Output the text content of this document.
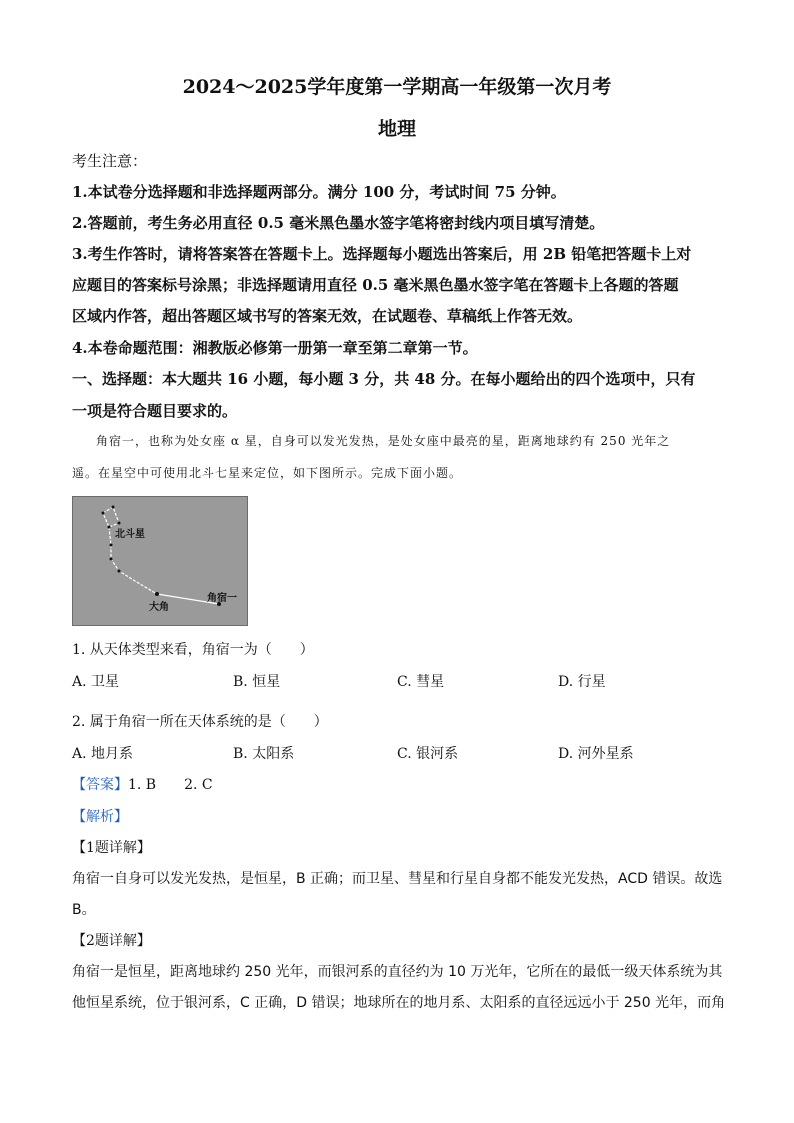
2024～2025学年度第一学期高一年级第一次月考
地理
考生注意：
1.本试卷分选择题和非选择题两部分。满分 100 分，考试时间 75 分钟。
2.答题前，考生务必用直径 0.5 毫米黑色墨水签字笔将密封线内项目填写清楚。
3.考生作答时，请将答案答在答题卡上。选择题每小题选出答案后，用 2B 铅笔把答题卡上对
应题目的答案标号涂黑；非选择题请用直径 0.5 毫米黑色墨水签字笔在答题卡上各题的答题
区域内作答，超出答题区域书写的答案无效，在试题卷、草稿纸上作答无效。
4.本卷命题范围：湘教版必修第一册第一章至第二章第一节。
一、选择题：本大题共 16 小题，每小题 3 分，共 48 分。在每小题给出的四个选项中，只有
一项是符合题目要求的。
角宿一，也称为处女座 α 星，自身可以发光发热，是处女座中最亮的星，距离地球约有 250 光年之
遥。在星空中可使用北斗七星来定位，如下图所示。完成下面小题。
北斗星
大角
角宿一
1. 从天体类型来看，角宿一为（　　）
A. 卫星	B. 恒星	C. 彗星	D. 行星
2. 属于角宿一所在天体系统的是（　　）
A. 地月系	B. 太阳系	C. 银河系	D. 河外星系
【答案】1. B　　2. C
【解析】
【1题详解】
角宿一自身可以发光发热，是恒星，B 正确；而卫星、彗星和行星自身都不能发光发热，ACD 错误。故选
B。
【2题详解】
角宿一是恒星，距离地球约 250 光年，而银河系的直径约为 10 万光年，它所在的最低一级天体系统为其
他恒星系统，位于银河系，C 正确，D 错误；地球所在的地月系、太阳系的直径远远小于 250 光年，而角
